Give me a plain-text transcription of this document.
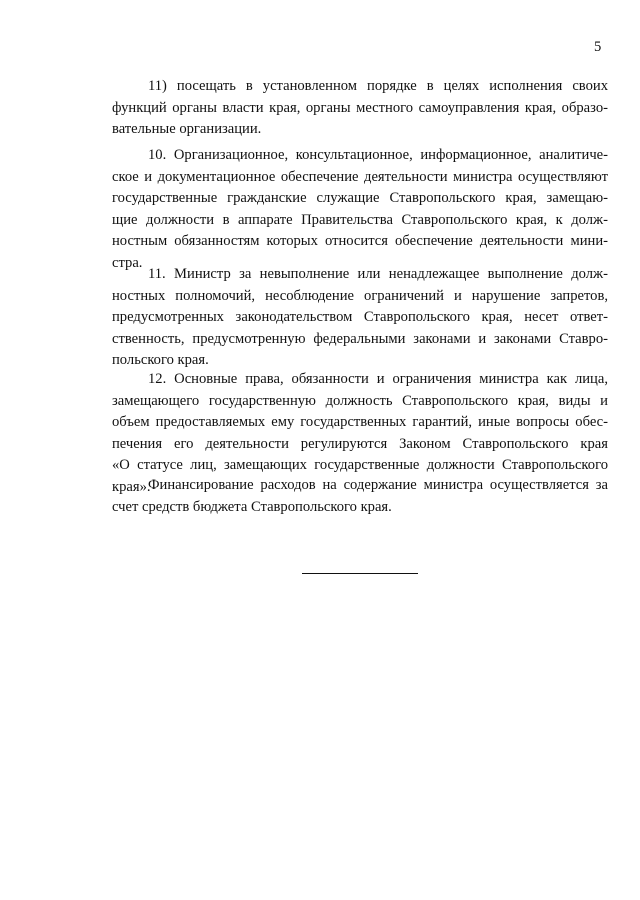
5
11) посещать в установленном порядке в целях исполнения своих
функций органы власти края, органы местного самоуправления края, образо-
вательные организации.
10. Организационное, консультационное, информационное, аналитиче-
ское и документационное обеспечение деятельности министра осуществляют
государственные гражданские служащие Ставропольского края, замещаю-
щие должности в аппарате Правительства Ставропольского края, к долж-
ностным обязанностям которых относится обеспечение деятельности мини-
стра.
11. Министр за невыполнение или ненадлежащее выполнение долж-
ностных полномочий, несоблюдение ограничений и нарушение запретов,
предусмотренных законодательством Ставропольского края, несет ответ-
ственность, предусмотренную федеральными законами и законами Ставро-
польского края.
12. Основные права, обязанности и ограничения министра как лица,
замещающего государственную должность Ставропольского края, виды и
объем предоставляемых ему государственных гарантий, иные вопросы обес-
печения его деятельности регулируются Законом Ставропольского края
«О статусе лиц, замещающих государственные должности Ставропольского
края».
Финансирование расходов на содержание министра осуществляется за
счет средств бюджета Ставропольского края.
